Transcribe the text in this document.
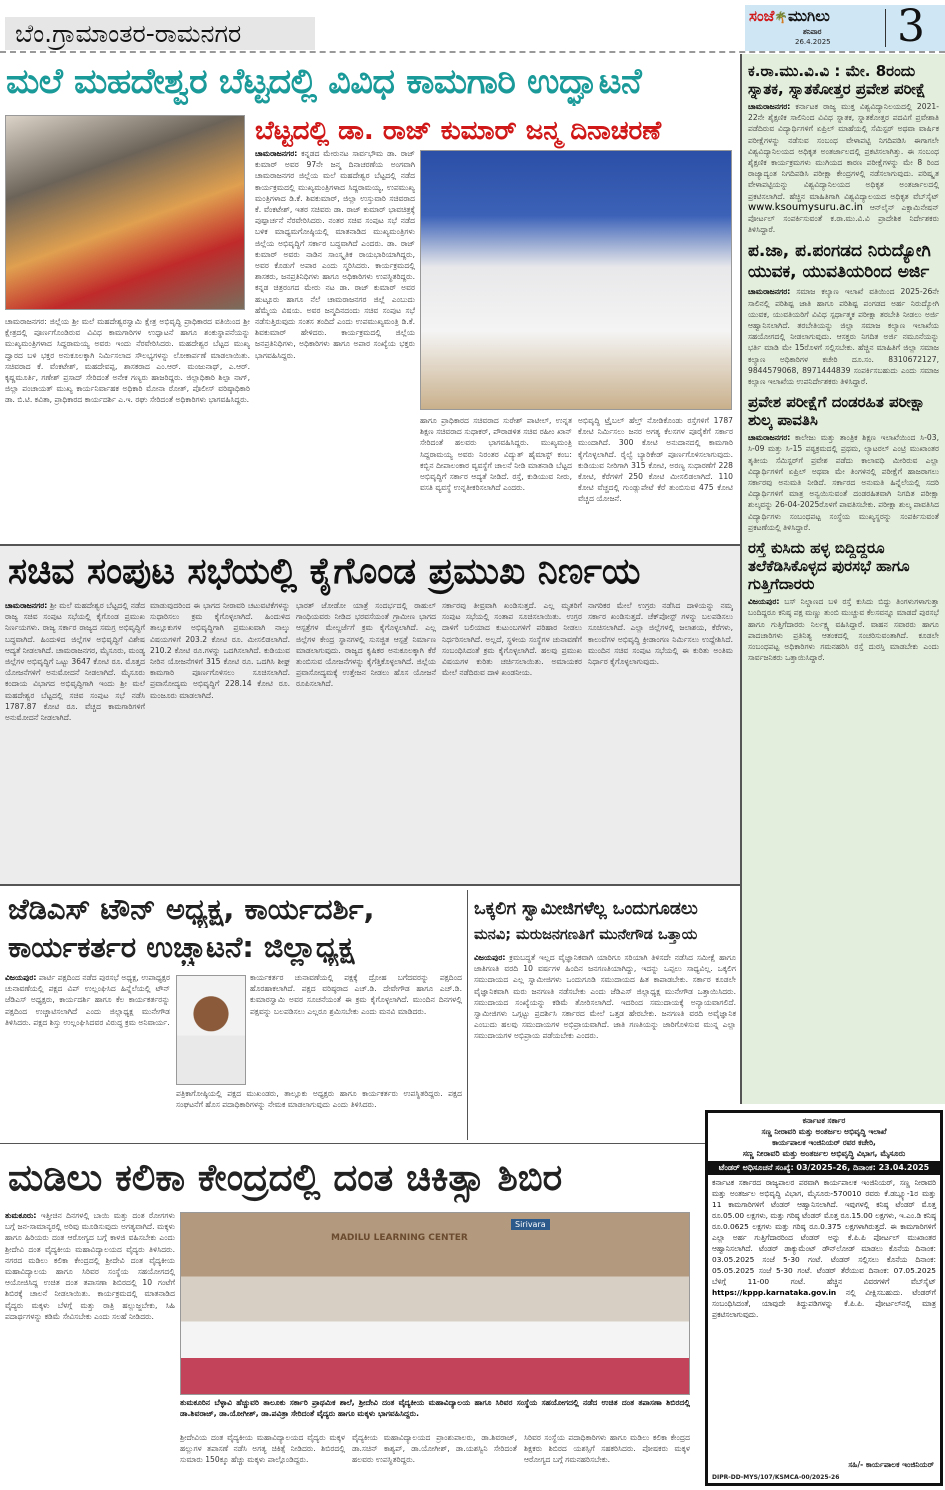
ಬೆಂ.ಗ್ರಾಮಾಂತರ-ರಾಮನಗರ
ಸಂಜೆ🌴ಮುಗಿಲು
ಶನಿವಾರ
26.4.2025 3
ಮಲೆ ಮಹದೇಶ್ವರ ಬೆಟ್ಟದಲ್ಲಿ ವಿವಿಧ ಕಾಮಗಾರಿ ಉದ್ಘಾಟನೆ
ಬೆಟ್ಟದಲ್ಲಿ ಡಾ. ರಾಜ್ ಕುಮಾರ್ ಜನ್ಮ ದಿನಾಚರಣೆ
ಚಾಮರಾಜನಗರ: ಕನ್ನಡದ ಮೇರುನಟ ಸಾರ್ವಭೌಮ ಡಾ. ರಾಜ್ ಕುಮಾರ್ ಅವರ 97ನೇ ಜನ್ಮ ದಿನಾಚರಣೆಯ ಅಂಗವಾಗಿ ಚಾಮರಾಜನಗರ ಜಿಲ್ಲೆಯ ಮಲೆ ಮಹದೇಶ್ವರ ಬೆಟ್ಟದಲ್ಲಿ ನಡೆದ ಕಾರ್ಯಕ್ರಮದಲ್ಲಿ ಮುಖ್ಯಮಂತ್ರಿಗಳಾದ ಸಿದ್ದರಾಮಯ್ಯ, ಉಪಮುಖ್ಯ ಮಂತ್ರಿಗಳಾದ ಡಿ.ಕೆ. ಶಿವಕುಮಾರ್, ಜಿಲ್ಲಾ ಉಸ್ತುವಾರಿ ಸಚಿವರಾದ ಕೆ. ವೆಂಕಟೇಶ್, ಇತರ ಸಚಿವರು ಡಾ. ರಾಜ್ ಕುಮಾರ್ ಭಾವಚಿತ್ರಕ್ಕೆ ಪುಷ್ಪಾರ್ಚನೆ ನೆರವೇರಿಸಿದರು. ನಂತರ ಸಚಿವ ಸಂಪುಟ ಸಭೆ ನಡೆದ ಬಳಿಕ ಮಾಧ್ಯಮಗೋಷ್ಠಿಯಲ್ಲಿ ಮಾತನಾಡಿದ ಮುಖ್ಯಮಂತ್ರಿಗಳು ಜಿಲ್ಲೆಯ ಅಭಿವೃದ್ಧಿಗೆ ಸರ್ಕಾರ ಬದ್ಧವಾಗಿದೆ ಎಂದರು. ಡಾ. ರಾಜ್ ಕುಮಾರ್ ಅವರು ನಾಡಿನ ಸಾಂಸ್ಕೃತಿಕ ರಾಯಭಾರಿಯಾಗಿದ್ದರು, ಅವರ ಕೊಡುಗೆ ಅಪಾರ ಎಂದು ಸ್ಮರಿಸಿದರು. ಕಾರ್ಯಕ್ರಮದಲ್ಲಿ ಶಾಸಕರು, ಜನಪ್ರತಿನಿಧಿಗಳು ಹಾಗೂ ಅಧಿಕಾರಿಗಳು ಉಪಸ್ಥಿತರಿದ್ದರು. ಕನ್ನಡ ಚಿತ್ರರಂಗದ ಮೇರು ನಟ ಡಾ. ರಾಜ್ ಕುಮಾರ್ ಅವರ ಹುಟ್ಟೂರು ಹಾಗೂ ನೆಲೆ ಚಾಮರಾಜನಗರ ಜಿಲ್ಲೆ ಎಂಬುದು ಹೆಮ್ಮೆಯ ವಿಷಯ. ಅವರ ಜನ್ಮದಿನದಂದು ಸಚಿವ ಸಂಪುಟ ಸಭೆ ನಡೆಸುತ್ತಿರುವುದು ಸಂತಸ ತಂದಿದೆ ಎಂದು ಉಪಮುಖ್ಯಮಂತ್ರಿ ಡಿ.ಕೆ. ಶಿವಕುಮಾರ್ ಹೇಳಿದರು. ಕಾರ್ಯಕ್ರಮದಲ್ಲಿ ಜಿಲ್ಲೆಯ ಜನಪ್ರತಿನಿಧಿಗಳು, ಅಧಿಕಾರಿಗಳು ಹಾಗೂ ಅಪಾರ ಸಂಖ್ಯೆಯ ಭಕ್ತರು ಭಾಗವಹಿಸಿದ್ದರು.
ಚಾಮರಾಜನಗರ: ಜಿಲ್ಲೆಯ ಶ್ರೀ ಮಲೆ ಮಹದೇಶ್ವರಸ್ವಾಮಿ ಕ್ಷೇತ್ರ ಅಭಿವೃದ್ಧಿ ಪ್ರಾಧಿಕಾರದ ವತಿಯಿಂದ ಶ್ರೀ ಕ್ಷೇತ್ರದಲ್ಲಿ ಪೂರ್ಣಗೊಂಡಿರುವ ವಿವಿಧ ಕಾಮಗಾರಿಗಳ ಉದ್ಘಾಟನೆ ಹಾಗೂ ಶಂಕುಸ್ಥಾಪನೆಯನ್ನು ಮುಖ್ಯಮಂತ್ರಿಗಳಾದ ಸಿದ್ದರಾಮಯ್ಯ ಅವರು ಇಂದು ನೆರವೇರಿಸಿದರು. ಮಹದೇಶ್ವರ ಬೆಟ್ಟದ ಮುಖ್ಯ ದ್ವಾರದ ಬಳಿ ಭಕ್ತರ ಅನುಕೂಲಕ್ಕಾಗಿ ನಿರ್ಮಿಸಲಾದ ಸೌಲಭ್ಯಗಳನ್ನು ಲೋಕಾರ್ಪಣೆ ಮಾಡಲಾಯಿತು. ಸಚಿವರಾದ ಕೆ. ವೆಂಕಟೇಶ್, ಮಹದೇವಪ್ಪ, ಶಾಸಕರಾದ ಎಂ.ಆರ್. ಮಂಜುನಾಥ್, ಎ.ಆರ್. ಕೃಷ್ಣಮೂರ್ತಿ, ಗಣೇಶ್ ಪ್ರಸಾದ್ ಸೇರಿದಂತೆ ಅನೇಕ ಗಣ್ಯರು ಹಾಜರಿದ್ದರು. ಜಿಲ್ಲಾಧಿಕಾರಿ ಶಿಲ್ಪಾ ನಾಗ್, ಜಿಲ್ಲಾ ಪಂಚಾಯತ್ ಮುಖ್ಯ ಕಾರ್ಯನಿರ್ವಾಹಕ ಅಧಿಕಾರಿ ಮೋನಾ ರೋತ್, ಪೊಲೀಸ್ ವರಿಷ್ಠಾಧಿಕಾರಿ ಡಾ. ಬಿ.ಟಿ. ಕವಿತಾ, ಪ್ರಾಧಿಕಾರದ ಕಾರ್ಯದರ್ಶಿ ಎ.ಇ. ರಘು ಸೇರಿದಂತೆ ಅಧಿಕಾರಿಗಳು ಭಾಗವಹಿಸಿದ್ದರು.
ಹಾಗೂ ಪ್ರಾಧಿಕಾರದ ಸಚಿವರಾದ ಸುರೇಶ್ ಪಾಟೀಲ್, ಉನ್ನತ ಶಿಕ್ಷಣ ಸಚಿವರಾದ ಸುಧಾಕರ್, ಪೌರಾಡಳಿತ ಸಚಿವ ರಹೀಂ ಖಾನ್ ಸೇರಿದಂತೆ ಹಲವರು ಭಾಗವಹಿಸಿದ್ದರು. ಮುಖ್ಯಮಂತ್ರಿ ಸಿದ್ದರಾಮಯ್ಯ ಅವರು ನಿರಂತರ ವಿದ್ಯುತ್ ಹೈಮಾಸ್ಟ್ ಕಂಬ: ಕಬ್ಬಿನ ದೀಪಾಲಂಕಾರ ವ್ಯವಸ್ಥೆಗೆ ಚಾಲನೆ ನೀಡಿ ಮಾತನಾಡಿ ಬೆಟ್ಟದ ಅಭಿವೃದ್ಧಿಗೆ ಸರ್ಕಾರ ಆದ್ಯತೆ ನೀಡಿದೆ. ರಸ್ತೆ, ಕುಡಿಯುವ ನೀರು, ವಸತಿ ವ್ಯವಸ್ಥೆ ಉನ್ನತೀಕರಿಸಲಾಗಿದೆ ಎಂದರು.
ಅಭಿವೃದ್ಧಿ ಟ್ರೈಬಲ್ ಹೆಲ್ತ್ ನೋಡಿಕೊಂಡು ರಸ್ತೆಗಳಿಗೆ 1787 ಕೋಟಿ ನಿರ್ಮಿಸಲು ಜನರ ಅಗತ್ಯ ಕೆಲಸಗಳ ಪೂರೈಕೆಗೆ ಸರ್ಕಾರ ಮುಂದಾಗಿದೆ. 300 ಕೋಟಿ ಅನುದಾನದಲ್ಲಿ ಕಾಮಗಾರಿ ಕೈಗೊಳ್ಳಲಾಗಿದೆ. ರೈಲ್ವೆ ಬ್ಯಾರಿಕೇಡ್ ಪೂರ್ಣಗೊಳಿಸಲಾಗುವುದು. ಕುಡಿಯುವ ನೀರಿಗಾಗಿ 315 ಕೋಟಿ, ಅರಣ್ಯ ಸುಧಾರಣೆಗೆ 228 ಕೋಟಿ, ಕೆರೆಗಳಿಗೆ 250 ಕೋಟಿ ಮೀಸಲಿಡಲಾಗಿದೆ. 110 ಕೋಟಿ ವೆಚ್ಚದಲ್ಲಿ ಗುಂಡ್ಲುಪೇಟೆ ಕೆರೆ ತುಂಬಿಸುವ 475 ಕೋಟಿ ವೆಚ್ಚದ ಯೋಜನೆ.
ಕ.ರಾ.ಮು.ವಿ.ವಿ : ಮೇ. 8ರಂದು ಸ್ನಾತಕ, ಸ್ನಾತಕೋತ್ತರ ಪ್ರವೇಶ ಪರೀಕ್ಷೆ
ಚಾಮರಾಜನಗರ: ಕರ್ನಾಟಕ ರಾಜ್ಯ ಮುಕ್ತ ವಿಶ್ವವಿದ್ಯಾನಿಲಯದಲ್ಲಿ 2021-22ನೇ ಶೈಕ್ಷಣಿಕ ಸಾಲಿನಿಂದ ವಿವಿಧ ಸ್ನಾತಕ, ಸ್ನಾತಕೋತ್ತರ ಪದವಿಗೆ ಪ್ರವೇಶಾತಿ ಪಡೆದಿರುವ ವಿದ್ಯಾರ್ಥಿಗಳಿಗೆ ಏಪ್ರಿಲ್ ಮಾಹೆಯಲ್ಲಿ ಸೆಮಿಸ್ಟರ್ ಅಥವಾ ವಾರ್ಷಿಕ ಪರೀಕ್ಷೆಗಳನ್ನು ನಡೆಸುವ ಸಂಬಂಧ ವೇಳಾಪಟ್ಟಿ ನಿಗದಿಪಡಿಸಿ ಈಗಾಗಲೇ ವಿಶ್ವವಿದ್ಯಾನಿಲಯದ ಅಧಿಕೃತ ಅಂತರ್ಜಾಲದಲ್ಲಿ ಪ್ರಕಟಿಸಲಾಗಿತ್ತು. ಈ ಸಂಬಂಧ ಶೈಕ್ಷಣಿಕ ಕಾರ್ಯಕ್ರಮಗಳು ಮುಗಿಯದ ಕಾರಣ ಪರೀಕ್ಷೆಗಳನ್ನು ಮೇ 8 ರಿಂದ ರಾಜ್ಯಾದ್ಯಂತ ನಿಗದಿಪಡಿಸಿ ಪರೀಕ್ಷಾ ಕೇಂದ್ರಗಳಲ್ಲಿ ನಡೆಸಲಾಗುವುದು. ಪರಿಷ್ಕೃತ ವೇಳಾಪಟ್ಟಿಯನ್ನು ವಿಶ್ವವಿದ್ಯಾನಿಲಯದ ಅಧಿಕೃತ ಅಂತರ್ಜಾಲದಲ್ಲಿ ಪ್ರಕಟಿಸಲಾಗಿದೆ. ಹೆಚ್ಚಿನ ಮಾಹಿತಿಗಾಗಿ ವಿಶ್ವವಿದ್ಯಾಲಯದ ಅಧಿಕೃತ ವೆಬ್‌ಸೈಟ್ www.ksoumysuru.ac.in ಆನ್‌ಲೈನ್ ಎಕ್ಸಾಮಿನೇಷನ್ ಪೋರ್ಟಲ್ ಸಂಪರ್ಕಿಸುವಂತೆ ಕ.ರಾ.ಮು.ವಿ.ವಿ ಪ್ರಾದೇಶಿಕ ನಿರ್ದೇಶಕರು ತಿಳಿಸಿದ್ದಾರೆ.
ಪ.ಜಾ, ಪ.ಪಂಗಡದ ನಿರುದ್ಯೋಗಿ ಯುವಕ, ಯುವತಿಯರಿಂದ ಅರ್ಜಿ
ಚಾಮರಾಜನಗರ: ಸಮಾಜ ಕಲ್ಯಾಣ ಇಲಾಖೆ ವತಿಯಿಂದ 2025-26ನೇ ಸಾಲಿನಲ್ಲಿ ಪರಿಶಿಷ್ಟ ಜಾತಿ ಹಾಗೂ ಪರಿಶಿಷ್ಟ ಪಂಗಡದ ಅರ್ಹ ನಿರುದ್ಯೋಗಿ ಯುವಕ, ಯುವತಿಯರಿಗೆ ವಿವಿಧ ಸ್ಪರ್ಧಾತ್ಮಕ ಪರೀಕ್ಷಾ ತರಬೇತಿ ನೀಡಲು ಅರ್ಜಿ ಆಹ್ವಾನಿಸಲಾಗಿದೆ. ತರಬೇತಿಯನ್ನು ಜಿಲ್ಲಾ ಸಮಾಜ ಕಲ್ಯಾಣ ಇಲಾಖೆಯ ಸಹಯೋಗದಲ್ಲಿ ನೀಡಲಾಗುವುದು. ಆಸಕ್ತರು ನಿಗದಿತ ಅರ್ಜಿ ನಮೂನೆಯನ್ನು ಭರ್ತಿ ಮಾಡಿ ಮೇ 15ರೊಳಗೆ ಸಲ್ಲಿಸಬೇಕು. ಹೆಚ್ಚಿನ ಮಾಹಿತಿಗೆ ಜಿಲ್ಲಾ ಸಮಾಜ ಕಲ್ಯಾಣ ಅಧಿಕಾರಿಗಳ ಕಚೇರಿ ದೂ.ಸಂ. 8310672127, 9844579068, 8971444839 ಸಂಪರ್ಕಿಸಬಹುದು ಎಂದು ಸಮಾಜ ಕಲ್ಯಾಣ ಇಲಾಖೆಯ ಉಪನಿರ್ದೇಶಕರು ತಿಳಿಸಿದ್ದಾರೆ.
ಪ್ರವೇಶ ಪರೀಕ್ಷೆಗೆ ದಂಡರಹಿತ ಪರೀಕ್ಷಾ ಶುಲ್ಕ ಪಾವತಿಸಿ
ಚಾಮರಾಜನಗರ: ಕಾಲೇಜು ಮತ್ತು ತಾಂತ್ರಿಕ ಶಿಕ್ಷಣ ಇಲಾಖೆಯಿಂದ ಸಿ-03, ಸಿ-09 ಮತ್ತು ಸಿ-15 ಪಠ್ಯಕ್ರಮದಲ್ಲಿ ಪ್ರಥಮ, ಲ್ಯಾಟರಲ್ ಎಂಟ್ರಿ ಮುಖಾಂತರ ತೃತೀಯ ಸೆಮಿಸ್ಟರ್‌ಗೆ ಪ್ರವೇಶ ಪಡೆದು ಕಾಲಾವಧಿ ಮೀರಿರುವ ಎಲ್ಲಾ ವಿದ್ಯಾರ್ಥಿಗಳಿಗೆ ಏಪ್ರಿಲ್ ಅಥವಾ ಮೇ ತಿಂಗಳಿನಲ್ಲಿ ಪರೀಕ್ಷೆಗೆ ಹಾಜರಾಗಲು ಸರ್ಕಾರವು ಅನುಮತಿ ನೀಡಿದೆ. ಸರ್ಕಾರದ ಅನುಮತಿ ಹಿನ್ನೆಲೆಯಲ್ಲಿ ಸದರಿ ವಿದ್ಯಾರ್ಥಿಗಳಿಗೆ ಮಾತ್ರ ಅನ್ವಯಿಸುವಂತೆ ದಂಡರಹಿತವಾಗಿ ನಿಗದಿತ ಪರೀಕ್ಷಾ ಶುಲ್ಕವನ್ನು 26-04-2025ರೊಳಗೆ ಪಾವತಿಸಬೇಕು. ಪರೀಕ್ಷಾ ಶುಲ್ಕ ಪಾವತಿಸಿದ ವಿದ್ಯಾರ್ಥಿಗಳು ಸಂಬಂಧಪಟ್ಟ ಸಂಸ್ಥೆಯ ಮುಖ್ಯಸ್ಥರನ್ನು ಸಂಪರ್ಕಿಸುವಂತೆ ಪ್ರಕಟಣೆಯಲ್ಲಿ ತಿಳಿಸಿದ್ದಾರೆ.
ರಸ್ತೆ ಕುಸಿದು ಹಳ್ಳ ಬಿದ್ದಿದ್ದರೂ ತಲೆಕೆಡಿಸಿಕೊಳ್ಳದ ಪುರಸಭೆ ಹಾಗೂ ಗುತ್ತಿಗೆದಾರರು
ವಿಜಯಪುರ: ಬಸ್ ನಿಲ್ದಾಣದ ಬಳಿ ರಸ್ತೆ ಕುಸಿದು ಬಿದ್ದು ತಿಂಗಳುಗಳಾಗುತ್ತಾ ಬಂದಿದ್ದರೂ ಕನಿಷ್ಠ ಪಕ್ಷ ಮಣ್ಣು ತುಂಬಿ ಮುಚ್ಚುವ ಕೆಲಸವನ್ನೂ ಮಾಡದೆ ಪುರಸಭೆ ಹಾಗೂ ಗುತ್ತಿಗೆದಾರರು ನಿರ್ಲಕ್ಷ್ಯ ವಹಿಸಿದ್ದಾರೆ. ವಾಹನ ಸವಾರರು ಹಾಗೂ ಪಾದಚಾರಿಗಳು ಪ್ರತಿನಿತ್ಯ ಆತಂಕದಲ್ಲಿ ಸಂಚರಿಸುವಂತಾಗಿದೆ. ಕೂಡಲೇ ಸಂಬಂಧಪಟ್ಟ ಅಧಿಕಾರಿಗಳು ಗಮನಹರಿಸಿ ರಸ್ತೆ ದುರಸ್ತಿ ಮಾಡಬೇಕು ಎಂದು ಸಾರ್ವಜನಿಕರು ಒತ್ತಾಯಿಸಿದ್ದಾರೆ.
ಸಚಿವ ಸಂಪುಟ ಸಭೆಯಲ್ಲಿ ಕೈಗೊಂಡ ಪ್ರಮುಖ ನಿರ್ಣಯ
ಚಾಮರಾಜನಗರ: ಶ್ರೀ ಮಲೆ ಮಹದೇಶ್ವರ ಬೆಟ್ಟದಲ್ಲಿ ನಡೆದ ರಾಜ್ಯ ಸಚಿವ ಸಂಪುಟ ಸಭೆಯಲ್ಲಿ ಕೈಗೊಂಡ ಪ್ರಮುಖ ನಿರ್ಣಯಗಳು. ರಾಜ್ಯ ಸರ್ಕಾರ ರಾಜ್ಯದ ಸಮಗ್ರ ಅಭಿವೃದ್ಧಿಗೆ ಬದ್ಧವಾಗಿದೆ. ಹಿಂದುಳಿದ ಜಿಲ್ಲೆಗಳ ಅಭಿವೃದ್ಧಿಗೆ ವಿಶೇಷ ಆದ್ಯತೆ ನೀಡಲಾಗಿದೆ. ಚಾಮರಾಜನಗರ, ಮೈಸೂರು, ಮಂಡ್ಯ ಜಿಲ್ಲೆಗಳ ಅಭಿವೃದ್ಧಿಗೆ ಒಟ್ಟು 3647 ಕೋಟಿ ರೂ. ಮೊತ್ತದ ಯೋಜನೆಗಳಿಗೆ ಅನುಮೋದನೆ ನೀಡಲಾಗಿದೆ. ಮೈಸೂರು ಕಂದಾಯ ವಿಭಾಗದ ಅಭಿವೃದ್ಧಿಗಾಗಿ ಇಂದು ಶ್ರೀ ಮಲೆ ಮಹದೇಶ್ವರ ಬೆಟ್ಟದಲ್ಲಿ ಸಚಿವ ಸಂಪುಟ ಸಭೆ ನಡೆಸಿ 1787.87 ಕೋಟಿ ರೂ. ವೆಚ್ಚದ ಕಾಮಗಾರಿಗಳಿಗೆ ಅನುಮೋದನೆ ನೀಡಲಾಗಿದೆ.
ಮಾಡುವುದರಿಂದ ಈ ಭಾಗದ ನೀರಾವರಿ ಚಟುವಟಿಕೆಗಳನ್ನು ಸುಧಾರಿಸಲು ಕ್ರಮ ಕೈಗೊಳ್ಳಲಾಗಿದೆ. ಹಿಂದುಳಿದ ತಾಲ್ಲೂಕುಗಳ ಅಭಿವೃದ್ಧಿಗಾಗಿ ಪ್ರಮುಖವಾಗಿ ನಾಲ್ಕು ವಿಷಯಗಳಿಗೆ 203.2 ಕೋಟಿ ರೂ. ಮೀಸಲಿಡಲಾಗಿದೆ. 210.2 ಕೋಟಿ ರೂ.ಗಳನ್ನು ಒದಗಿಸಲಾಗಿದೆ. ಕುಡಿಯುವ ನೀರಿನ ಯೋಜನೆಗಳಿಗೆ 315 ಕೋಟಿ ರೂ. ಒದಗಿಸಿ ಶೀಘ್ರ ಕಾಮಗಾರಿ ಪೂರ್ಣಗೊಳಿಸಲು ಸೂಚಿಸಲಾಗಿದೆ. ಪ್ರವಾಸೋದ್ಯಮ ಅಭಿವೃದ್ಧಿಗೆ 228.14 ಕೋಟಿ ರೂ. ಮಂಜೂರು ಮಾಡಲಾಗಿದೆ.
ಭಾರತ್ ಜೋಡೋ ಯಾತ್ರೆ ಸಂದರ್ಭದಲ್ಲಿ ರಾಹುಲ್ ಗಾಂಧಿಯವರು ನೀಡಿದ ಭರವಸೆಯಂತೆ ಗ್ರಾಮೀಣ ಭಾಗದ ಆಸ್ಪತ್ರೆಗಳ ಮೇಲ್ದರ್ಜೆಗೆ ಕ್ರಮ ಕೈಗೊಳ್ಳಲಾಗಿದೆ. ಎಲ್ಲ ಜಿಲ್ಲೆಗಳ ಕೇಂದ್ರ ಸ್ಥಾನಗಳಲ್ಲಿ ಸುಸಜ್ಜಿತ ಆಸ್ಪತ್ರೆ ನಿರ್ಮಾಣ ಮಾಡಲಾಗುವುದು. ರಾಜ್ಯದ ಕೃಷಿಕರ ಅನುಕೂಲಕ್ಕಾಗಿ ಕೆರೆ ತುಂಬಿಸುವ ಯೋಜನೆಗಳನ್ನು ಕೈಗೆತ್ತಿಕೊಳ್ಳಲಾಗಿದೆ. ಜಿಲ್ಲೆಯ ಪ್ರವಾಸೋದ್ಯಮಕ್ಕೆ ಉತ್ತೇಜನ ನೀಡಲು ಹೊಸ ಯೋಜನೆ ರೂಪಿಸಲಾಗಿದೆ.
ಸರ್ಕಾರವು ತೀವ್ರವಾಗಿ ಖಂಡಿಸುತ್ತದೆ. ಎಲ್ಲ ಮೃತರಿಗೆ ಸಂಪುಟ ಸಭೆಯಲ್ಲಿ ಸಂತಾಪ ಸೂಚಿಸಲಾಯಿತು. ಉಗ್ರರ ದಾಳಿಗೆ ಬಲಿಯಾದ ಕುಟುಂಬಗಳಿಗೆ ಪರಿಹಾರ ನೀಡಲು ನಿರ್ಧರಿಸಲಾಗಿದೆ. ಅಲ್ಲದೆ, ಸ್ಥಳೀಯ ಸಂಸ್ಥೆಗಳ ಚುನಾವಣೆಗೆ ಸಂಬಂಧಿಸಿದಂತೆ ಕ್ರಮ ಕೈಗೊಳ್ಳಲಾಗಿದೆ. ಹಲವು ಪ್ರಮುಖ ವಿಷಯಗಳ ಕುರಿತು ಚರ್ಚಿಸಲಾಯಿತು. ಅಮಾಯಕರ ಮೇಲೆ ನಡೆದಿರುವ ದಾಳಿ ಖಂಡನೀಯ.
ನಾಗರಿಕರ ಮೇಲೆ ಉಗ್ರರು ನಡೆಸಿದ ದಾಳಿಯನ್ನು ನಮ್ಮ ಸರ್ಕಾರ ಖಂಡಿಸುತ್ತದೆ. ಚೆಕ್‌ಪೋಸ್ಟ್ ಗಳನ್ನು ಬಲಪಡಿಸಲು ಸೂಚಿಸಲಾಗಿದೆ. ಎಲ್ಲಾ ಜಿಲ್ಲೆಗಳಲ್ಲಿ ಜಲಾಶಯ, ಕೆರೆಗಳು, ಕಾಲುವೆಗಳ ಅಭಿವೃದ್ಧಿ ಕ್ರೀಡಾಂಗಣ ನಿರ್ಮಿಸಲು ಉದ್ದೇಶಿಸಿದೆ. ಮುಂದಿನ ಸಚಿವ ಸಂಪುಟ ಸಭೆಯಲ್ಲಿ ಈ ಕುರಿತು ಅಂತಿಮ ನಿರ್ಧಾರ ಕೈಗೊಳ್ಳಲಾಗುವುದು.
ಜೆಡಿಎಸ್ ಟೌನ್ ಅಧ್ಯಕ್ಷ, ಕಾರ್ಯದರ್ಶಿ,
ಕಾರ್ಯಕರ್ತರ ಉಚ್ಚಾಟನೆ: ಜಿಲ್ಲಾಧ್ಯಕ್ಷ
ವಿಜಯಪುರ: ಪಾರ್ಟಿ ಪಕ್ಷದಿಂದ ನಡೆದ ಪುರಸಭೆ ಅಧ್ಯಕ್ಷ, ಉಪಾಧ್ಯಕ್ಷರ ಚುನಾವಣೆಯಲ್ಲಿ ಪಕ್ಷದ ವಿಪ್ ಉಲ್ಲಂಘಿಸಿದ ಹಿನ್ನೆಲೆಯಲ್ಲಿ ಟೌನ್ ಜೆಡಿಎಸ್ ಅಧ್ಯಕ್ಷರು, ಕಾರ್ಯದರ್ಶಿ ಹಾಗೂ ಕೆಲ ಕಾರ್ಯಕರ್ತರನ್ನು ಪಕ್ಷದಿಂದ ಉಚ್ಚಾಟಿಸಲಾಗಿದೆ ಎಂದು ಜಿಲ್ಲಾಧ್ಯಕ್ಷ ಮುನೇಗೌಡ ತಿಳಿಸಿದರು. ಪಕ್ಷದ ಶಿಸ್ತು ಉಲ್ಲಂಘಿಸಿದವರ ವಿರುದ್ಧ ಕ್ರಮ ಅನಿವಾರ್ಯ.
ಕಾರ್ಯಕರ್ತರ ಚುನಾವಣೆಯಲ್ಲಿ ಪಕ್ಷಕ್ಕೆ ದ್ರೋಹ ಬಗೆದವರನ್ನು ಪಕ್ಷದಿಂದ ಹೊರಹಾಕಲಾಗಿದೆ. ಪಕ್ಷದ ವರಿಷ್ಠರಾದ ಎಚ್.ಡಿ. ದೇವೇಗೌಡ ಹಾಗೂ ಎಚ್.ಡಿ. ಕುಮಾರಸ್ವಾಮಿ ಅವರ ಸೂಚನೆಯಂತೆ ಈ ಕ್ರಮ ಕೈಗೊಳ್ಳಲಾಗಿದೆ. ಮುಂದಿನ ದಿನಗಳಲ್ಲಿ ಪಕ್ಷವನ್ನು ಬಲಪಡಿಸಲು ಎಲ್ಲರೂ ಶ್ರಮಿಸಬೇಕು ಎಂದು ಮನವಿ ಮಾಡಿದರು.
ಪತ್ರಿಕಾಗೋಷ್ಠಿಯಲ್ಲಿ ಪಕ್ಷದ ಮುಖಂಡರು, ತಾಲ್ಲೂಕು ಅಧ್ಯಕ್ಷರು ಹಾಗೂ ಕಾರ್ಯಕರ್ತರು ಉಪಸ್ಥಿತರಿದ್ದರು. ಪಕ್ಷದ ಸಂಘಟನೆಗೆ ಹೊಸ ಪದಾಧಿಕಾರಿಗಳನ್ನು ನೇಮಕ ಮಾಡಲಾಗುವುದು ಎಂದು ತಿಳಿಸಿದರು.
ಒಕ್ಕಲಿಗ ಸ್ವಾಮೀಜಿಗಳೆಲ್ಲ ಒಂದುಗೂಡಲು
ಮನವಿ; ಮರುಜನಗಣತಿಗೆ ಮುನೇಗೌಡ ಒತ್ತಾಯ
ವಿಜಯಪುರ: ಕ್ರಮಬದ್ಧತೆ ಇಲ್ಲದ ವೈಜ್ಞಾನಿಕವಾಗಿ ಯಾರಿಗೂ ಸರಿಯಾಗಿ ತಿಳಿಸದೇ ನಡೆಸಿದ ಸಮೀಕ್ಷೆ ಹಾಗೂ ಜಾತಿಗಣತಿ ವರದಿ 10 ವರ್ಷಗಳ ಹಿಂದಿನ ಜನಗಣತಿಯಾಗಿದ್ದು, ಇದನ್ನು ಒಪ್ಪಲು ಸಾಧ್ಯವಿಲ್ಲ. ಒಕ್ಕಲಿಗ ಸಮುದಾಯದ ಎಲ್ಲ ಸ್ವಾಮೀಜಿಗಳು ಒಂದುಗೂಡಿ ಸಮುದಾಯದ ಹಿತ ಕಾಪಾಡಬೇಕು. ಸರ್ಕಾರ ಕೂಡಲೇ ವೈಜ್ಞಾನಿಕವಾಗಿ ಮರು ಜನಗಣತಿ ನಡೆಸಬೇಕು ಎಂದು ಜೆಡಿಎಸ್ ಜಿಲ್ಲಾಧ್ಯಕ್ಷ ಮುನೇಗೌಡ ಒತ್ತಾಯಿಸಿದರು. ಸಮುದಾಯದ ಸಂಖ್ಯೆಯನ್ನು ಕಡಿಮೆ ತೋರಿಸಲಾಗಿದೆ. ಇದರಿಂದ ಸಮುದಾಯಕ್ಕೆ ಅನ್ಯಾಯವಾಗಲಿದೆ. ಸ್ವಾಮೀಜಿಗಳು ಒಗ್ಗಟ್ಟು ಪ್ರದರ್ಶಿಸಿ ಸರ್ಕಾರದ ಮೇಲೆ ಒತ್ತಡ ಹೇರಬೇಕು. ಜನಗಣತಿ ವರದಿ ಅವೈಜ್ಞಾನಿಕ ಎಂಬುದು ಹಲವು ಸಮುದಾಯಗಳ ಅಭಿಪ್ರಾಯವಾಗಿದೆ. ಜಾತಿ ಗಣತಿಯನ್ನು ಜಾರಿಗೊಳಿಸುವ ಮುನ್ನ ಎಲ್ಲಾ ಸಮುದಾಯಗಳ ಅಭಿಪ್ರಾಯ ಪಡೆಯಬೇಕು ಎಂದರು.
ಕರ್ನಾಟಕ ಸರ್ಕಾರ
ಸಣ್ಣ ನೀರಾವರಿ ಮತ್ತು ಅಂತರ್ಜಲ ಅಭಿವೃದ್ಧಿ ಇಲಾಖೆ
ಕಾರ್ಯಪಾಲಕ ಇಂಜಿನಿಯರ್ ರವರ ಕಚೇರಿ,
ಸಣ್ಣ ನೀರಾವರಿ ಮತ್ತು ಅಂತರ್ಜಲ ಅಭಿವೃದ್ಧಿ ವಿಭಾಗ, ಮೈಸೂರು
ಟೆಂಡರ್ ಅಧಿಸೂಚನೆ ಸಂಖ್ಯೆ: 03/2025-26, ದಿನಾಂಕ: 23.04.2025
ಕರ್ನಾಟಕ ಸರ್ಕಾರದ ರಾಜ್ಯಪಾಲರ ಪರವಾಗಿ ಕಾರ್ಯಪಾಲಕ ಇಂಜಿನಿಯರ್, ಸಣ್ಣ ನೀರಾವರಿ ಮತ್ತು ಅಂತರ್ಜಲ ಅಭಿವೃದ್ಧಿ ವಿಭಾಗ, ಮೈಸೂರು-570010 ರವರು ಕೆ.ಡಬ್ಲ್ಯೂ-1ರ ಮತ್ತು 11 ಕಾಮಗಾರಿಗಳಿಗೆ ಟೆಂಡರ್ ಆಹ್ವಾನಿಸಲಾಗಿದೆ. ಇವುಗಳಲ್ಲಿ ಕನಿಷ್ಠ ಟೆಂಡರ್ ಮೊತ್ತ ರೂ.05.00 ಲಕ್ಷಗಳು, ಮತ್ತು ಗರಿಷ್ಠ ಟೆಂಡರ್ ಮೊತ್ತ ರೂ.15.00 ಲಕ್ಷಗಳು, ಇ.ಎಂ.ಡಿ ಕನಿಷ್ಠ ರೂ.0.0625 ಲಕ್ಷಗಳು ಮತ್ತು ಗರಿಷ್ಠ ರೂ.0.375 ಲಕ್ಷಗಳಾಗಿರುತ್ತದೆ. ಈ ಕಾಮಗಾರಿಗಳಿಗೆ ಎಲ್ಲಾ ಅರ್ಹ ಗುತ್ತಿಗೆದಾರರಿಂದ ಟೆಂಡರ್ ಅನ್ನು ಕೆ.ಪಿ.ಪಿ ಪೋರ್ಟಲ್ ಮುಖಾಂತರ ಆಹ್ವಾನಿಸಲಾಗಿದೆ. ಟೆಂಡರ್ ಡಾಕ್ಯುಮೆಂಟ್ ಡೌನ್‌ಲೋಡ್ ಮಾಡಲು ಕೊನೆಯ ದಿನಾಂಕ: 03.05.2025 ಸಂಜೆ 5-30 ಗಂಟೆ. ಟೆಂಡರ್ ಸಲ್ಲಿಸಲು ಕೊನೆಯ ದಿನಾಂಕ: 05.05.2025 ಸಂಜೆ 5-30 ಗಂಟೆ. ಟೆಂಡರ್ ತೆರೆಯುವ ದಿನಾಂಕ: 07.05.2025 ಬೆಳಿಗ್ಗೆ 11-00 ಗಂಟೆ. ಹೆಚ್ಚಿನ ವಿವರಗಳಿಗೆ ವೆಬ್‌ಸೈಟ್ https://kppp.karnataka.gov.in ನಲ್ಲಿ ವೀಕ್ಷಿಸಬಹುದು. ಟೆಂಡರ್‌ಗೆ ಸಂಬಂಧಿಸಿದಂತೆ, ಯಾವುದೇ ತಿದ್ದುಪಡಿಗಳನ್ನು ಕೆ.ಪಿ.ಪಿ. ಪೋರ್ಟಲ್‌ನಲ್ಲಿ ಮಾತ್ರ ಪ್ರಕಟಿಸಲಾಗುವುದು.
ಸಹಿ/- ಕಾರ್ಯಪಾಲಕ ಇಂಜಿನಿಯರ್
DIPR-DD-MYS/107/KSMCA-00/2025-26
ಮಡಿಲು ಕಲಿಕಾ ಕೇಂದ್ರದಲ್ಲಿ ದಂತ ಚಿಕಿತ್ಸಾ ಶಿಬಿರ
ತುಮಕೂರು: ಇತ್ತೀಚಿನ ದಿನಗಳಲ್ಲಿ ಬಾಯಿ ಮತ್ತು ದಂತ ರೋಗಗಳು ಬಗ್ಗೆ ಜನ-ಸಾಮಾನ್ಯರಲ್ಲಿ ಅರಿವು ಮೂಡಿಸುವುದು ಅಗತ್ಯವಾಗಿದೆ. ಮಕ್ಕಳು ಹಾಗೂ ಹಿರಿಯರು ದಂತ ಆರೋಗ್ಯದ ಬಗ್ಗೆ ಕಾಳಜಿ ವಹಿಸಬೇಕು ಎಂದು ಶ್ರೀದೇವಿ ದಂತ ವೈದ್ಯಕೀಯ ಮಹಾವಿದ್ಯಾಲಯದ ವೈದ್ಯರು ತಿಳಿಸಿದರು. ನಗರದ ಮಡಿಲು ಕಲಿಕಾ ಕೇಂದ್ರದಲ್ಲಿ ಶ್ರೀದೇವಿ ದಂತ ವೈದ್ಯಕೀಯ ಮಹಾವಿದ್ಯಾಲಯ ಹಾಗೂ ಸಿರಿವರ ಸಂಸ್ಥೆಯ ಸಹಯೋಗದಲ್ಲಿ ಆಯೋಜಿಸಿದ್ದ ಉಚಿತ ದಂತ ತಪಾಸಣಾ ಶಿಬಿರದಲ್ಲಿ 10 ಗಂಟೆಗೆ ಶಿಬಿರಕ್ಕೆ ಚಾಲನೆ ನೀಡಲಾಯಿತು. ಕಾರ್ಯಕ್ರಮದಲ್ಲಿ ಮಾತನಾಡಿದ ವೈದ್ಯರು ಮಕ್ಕಳು ಬೆಳಗ್ಗೆ ಮತ್ತು ರಾತ್ರಿ ಹಲ್ಲುಜ್ಜಬೇಕು, ಸಿಹಿ ಪದಾರ್ಥಗಳನ್ನು ಕಡಿಮೆ ಸೇವಿಸಬೇಕು ಎಂದು ಸಲಹೆ ನೀಡಿದರು.
MADILU LEARNING CENTER
Sirivara
ತುಮಕೂರಿನ ಬೆಳ್ಳಾವಿ ಹೆಚ್ಚುವರಿ ತಾಲೂಕು ಸರ್ಕಾರಿ ಪ್ರಾಥಮಿಕ ಶಾಲೆ, ಶ್ರೀದೇವಿ ದಂತ ವೈದ್ಯಕೀಯ ಮಹಾವಿದ್ಯಾಲಯ ಹಾಗೂ ಸಿರಿವರ ಸಂಸ್ಥೆಯ ಸಹಯೋಗದಲ್ಲಿ ನಡೆದ ಉಚಿತ ದಂತ ತಪಾಸಣಾ ಶಿಬಿರದಲ್ಲಿ ಡಾ.ಶಿವರಾಜ್, ಡಾ.ಯೋಗೀಶ್, ಡಾ.ಪವಿತ್ರಾ ಸೇರಿದಂತೆ ವೈದ್ಯರು ಹಾಗೂ ಮಕ್ಕಳು ಭಾಗವಹಿಸಿದ್ದರು.
ಶ್ರೀದೇವಿಯ ದಂತ ವೈದ್ಯಕೀಯ ಮಹಾವಿದ್ಯಾಲಯದ ವೈದ್ಯರು ಮಕ್ಕಳ ಹಲ್ಲುಗಳ ತಪಾಸಣೆ ನಡೆಸಿ ಅಗತ್ಯ ಚಿಕಿತ್ಸೆ ನೀಡಿದರು. ಶಿಬಿರದಲ್ಲಿ ಸುಮಾರು 150ಕ್ಕೂ ಹೆಚ್ಚು ಮಕ್ಕಳು ಪಾಲ್ಗೊಂಡಿದ್ದರು.
ವೈದ್ಯಕೀಯ ಮಹಾವಿದ್ಯಾಲಯದ ಪ್ರಾಂಶುಪಾಲರು, ಡಾ.ಶಿವರಾಜ್, ಡಾ.ಸಚಿನ್ ಕಾಶ್ಯಪ್, ಡಾ.ಯೋಗೀಶ್, ಡಾ.ಯಶಸ್ವಿನಿ ಸೇರಿದಂತೆ ಹಲವರು ಉಪಸ್ಥಿತರಿದ್ದರು.
ಸಿರಿವರ ಸಂಸ್ಥೆಯ ಪದಾಧಿಕಾರಿಗಳು ಹಾಗೂ ಮಡಿಲು ಕಲಿಕಾ ಕೇಂದ್ರದ ಶಿಕ್ಷಕರು ಶಿಬಿರದ ಯಶಸ್ಸಿಗೆ ಸಹಕರಿಸಿದರು. ಪೋಷಕರು ಮಕ್ಕಳ ಆರೋಗ್ಯದ ಬಗ್ಗೆ ಗಮನಹರಿಸಬೇಕು.
